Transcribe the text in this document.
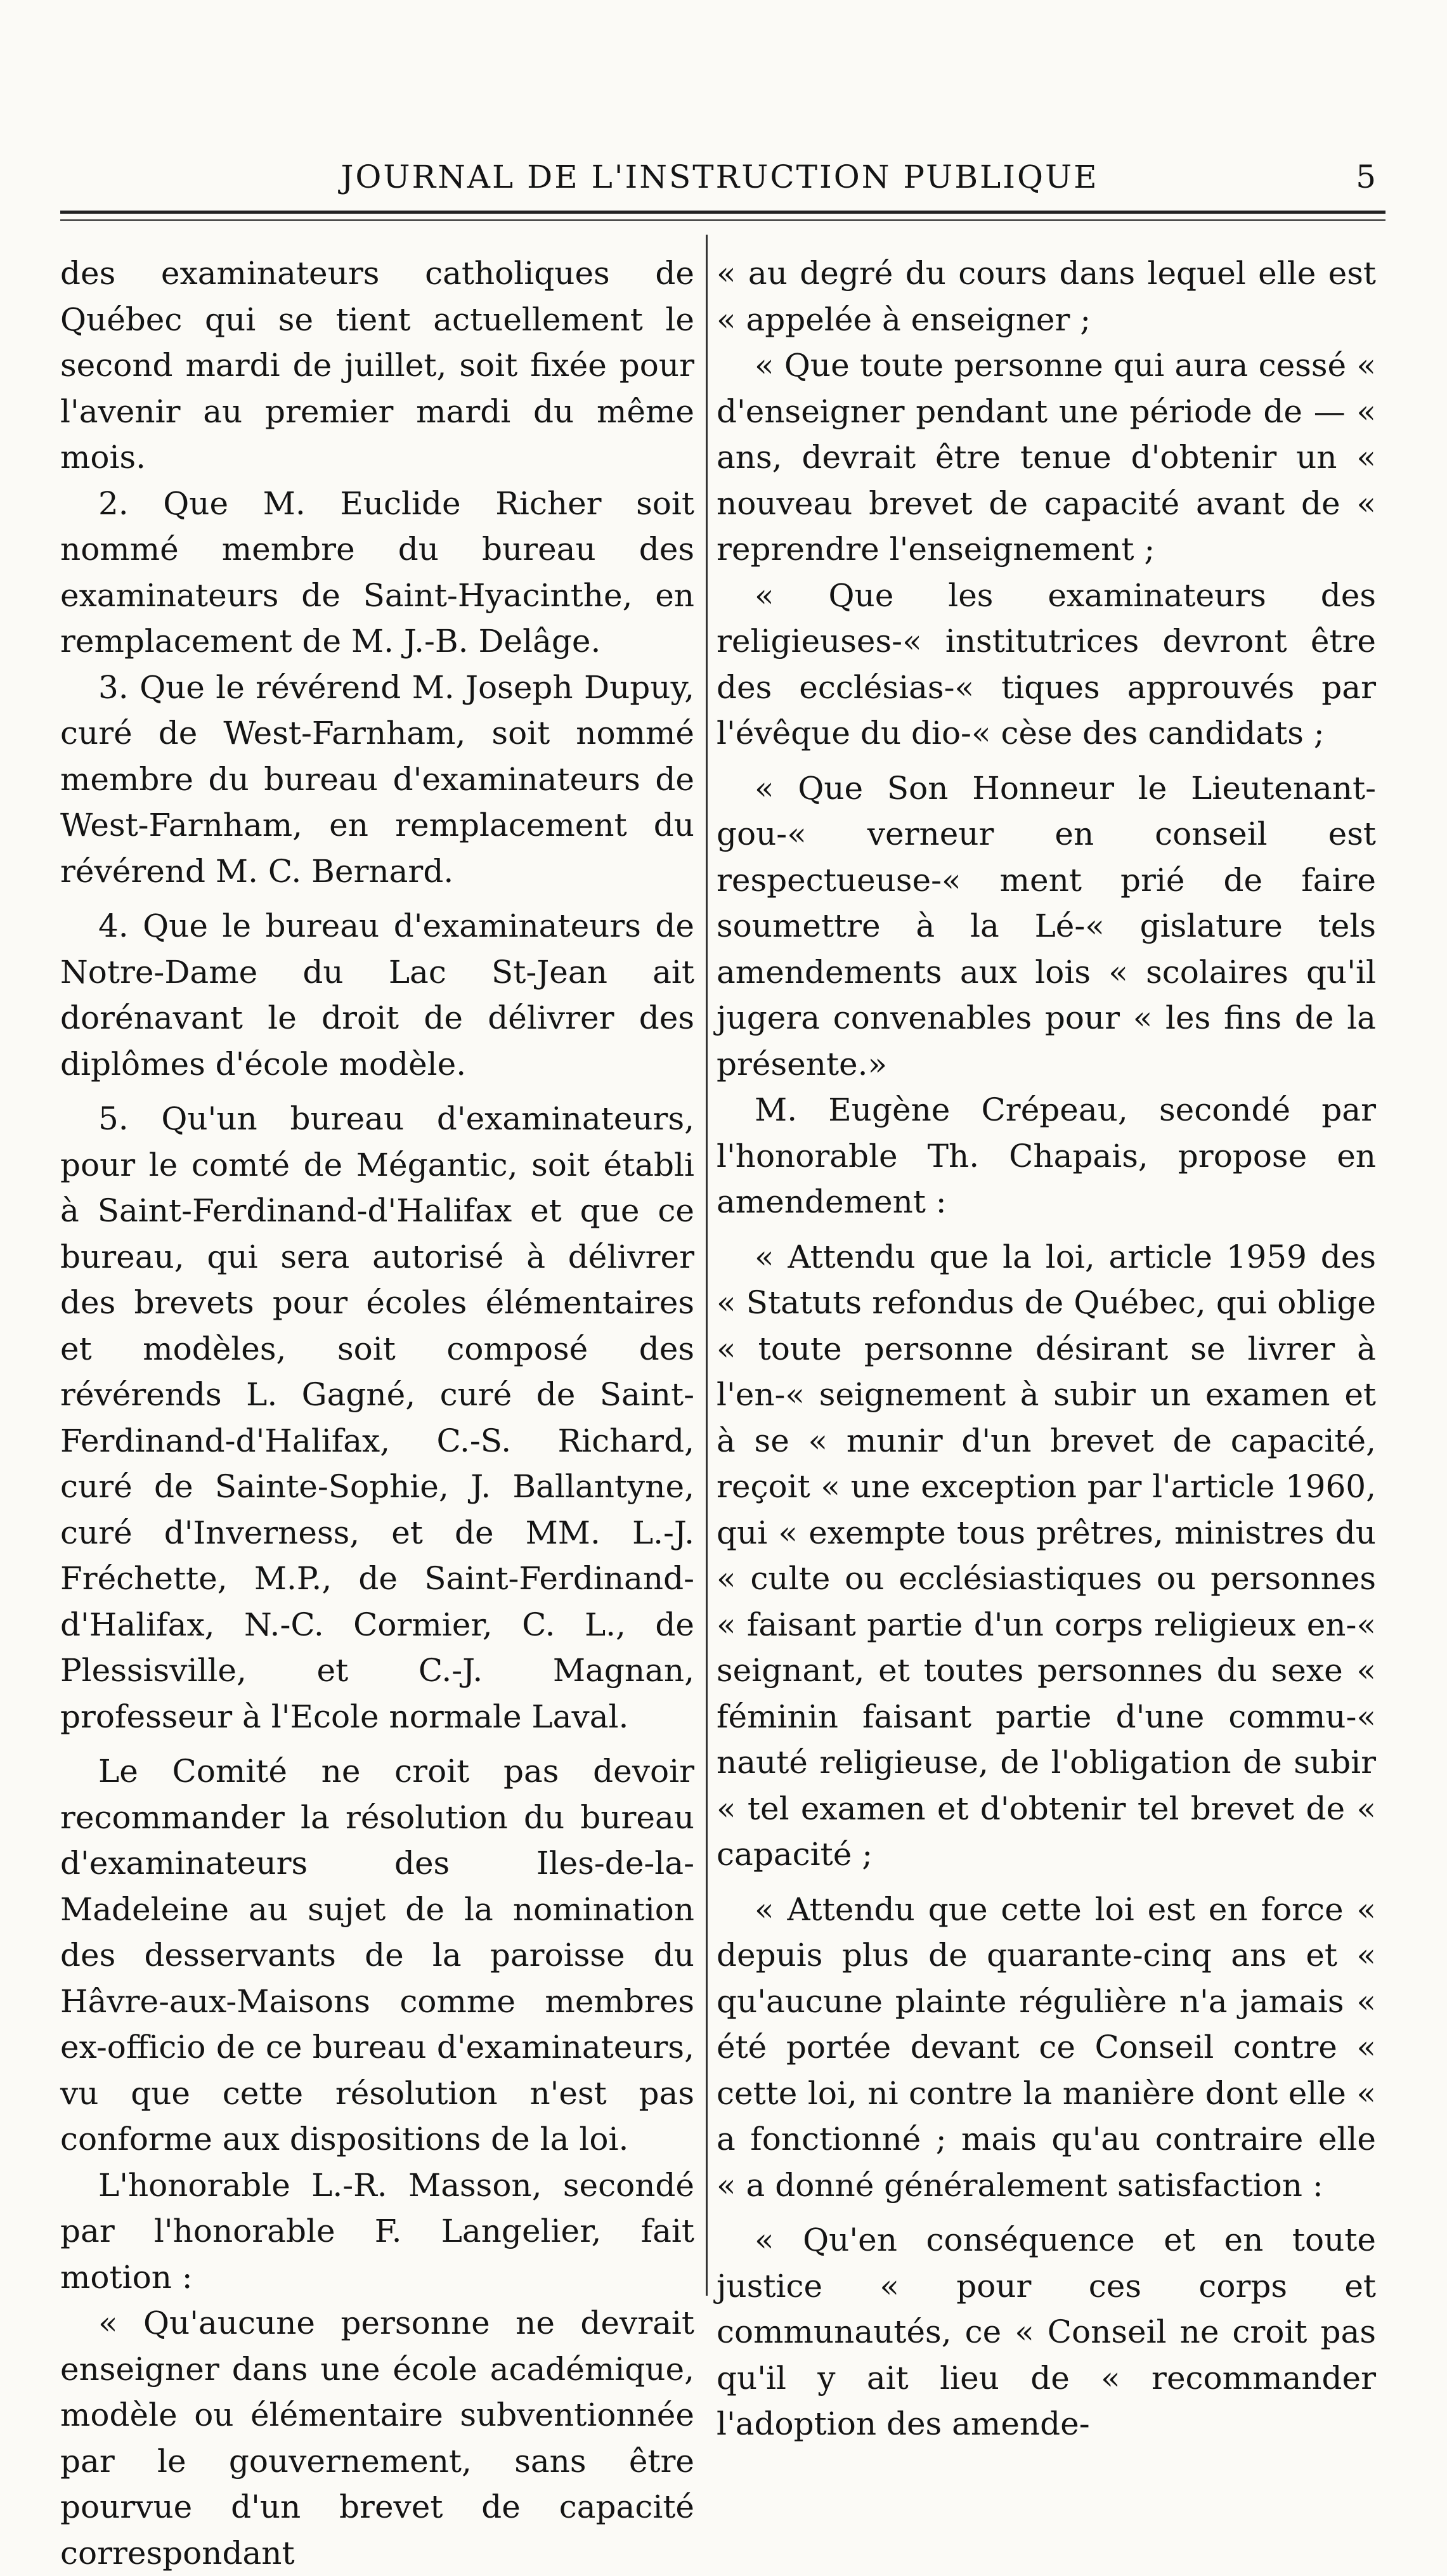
JOURNAL DE L'INSTRUCTION PUBLIQUE	5

des examinateurs catholiques de Québec qui se tient actuellement le second mardi de juillet, soit fixée pour l'avenir au premier mardi du même mois.

2. Que M. Euclide Richer soit nommé membre du bureau des examinateurs de Saint-Hyacinthe, en remplacement de M. J.-B. Delâge.

3. Que le révérend M. Joseph Dupuy, curé de West-Farnham, soit nommé membre du bureau d'examinateurs de West-Farnham, en remplacement du révérend M. C. Bernard.

4. Que le bureau d'examinateurs de Notre-Dame du Lac St-Jean ait dorénavant le droit de délivrer des diplômes d'école modèle.

5. Qu'un bureau d'examinateurs, pour le comté de Mégantic, soit établi à Saint-Ferdinand-d'Halifax et que ce bureau, qui sera autorisé à délivrer des brevets pour écoles élémentaires et modèles, soit composé des révérends L. Gagné, curé de Saint-Ferdinand-d'Halifax, C.-S. Richard, curé de Sainte-Sophie, J. Ballantyne, curé d'Inverness, et de MM. L.-J. Fréchette, M.P., de Saint-Ferdinand-d'Halifax, N.-C. Cormier, C. L., de Plessisville, et C.-J. Magnan, professeur à l'Ecole normale Laval.

Le Comité ne croit pas devoir recommander la résolution du bureau d'examinateurs des Iles-de-la-Madeleine au sujet de la nomination des desservants de la paroisse du Hâvre-aux-Maisons comme membres ex-officio de ce bureau d'examinateurs, vu que cette résolution n'est pas conforme aux dispositions de la loi.

L'honorable L.-R. Masson, secondé par l'honorable F. Langelier, fait motion :

« Qu'aucune personne ne devrait enseigner dans une école académique, modèle ou élémentaire subventionnée par le gouvernement, sans être pourvue d'un brevet de capacité correspondant

« au degré du cours dans lequel elle est « appelée à enseigner ;

« Que toute personne qui aura cessé « d'enseigner pendant une période de — « ans, devrait être tenue d'obtenir un « nouveau brevet de capacité avant de « reprendre l'enseignement ;

« Que les examinateurs des religieuses-« institutrices devront être des ecclésias-« tiques approuvés par l'évêque du dio-« cèse des candidats ;

« Que Son Honneur le Lieutenant-gou-« verneur en conseil est respectueuse-« ment prié de faire soumettre à la Lé-« gislature tels amendements aux lois « scolaires qu'il jugera convenables pour « les fins de la présente.»

M. Eugène Crépeau, secondé par l'honorable Th. Chapais, propose en amendement :

« Attendu que la loi, article 1959 des « Statuts refondus de Québec, qui oblige « toute personne désirant se livrer à l'en-« seignement à subir un examen et à se « munir d'un brevet de capacité, reçoit « une exception par l'article 1960, qui « exempte tous prêtres, ministres du « culte ou ecclésiastiques ou personnes « faisant partie d'un corps religieux en-« seignant, et toutes personnes du sexe « féminin faisant partie d'une commu-« nauté religieuse, de l'obligation de subir « tel examen et d'obtenir tel brevet de « capacité ;

« Attendu que cette loi est en force « depuis plus de quarante-cinq ans et « qu'aucune plainte régulière n'a jamais « été portée devant ce Conseil contre « cette loi, ni contre la manière dont elle « a fonctionné ; mais qu'au contraire elle « a donné généralement satisfaction :

« Qu'en conséquence et en toute justice « pour ces corps et communautés, ce « Conseil ne croit pas qu'il y ait lieu de « recommander l'adoption des amende-
